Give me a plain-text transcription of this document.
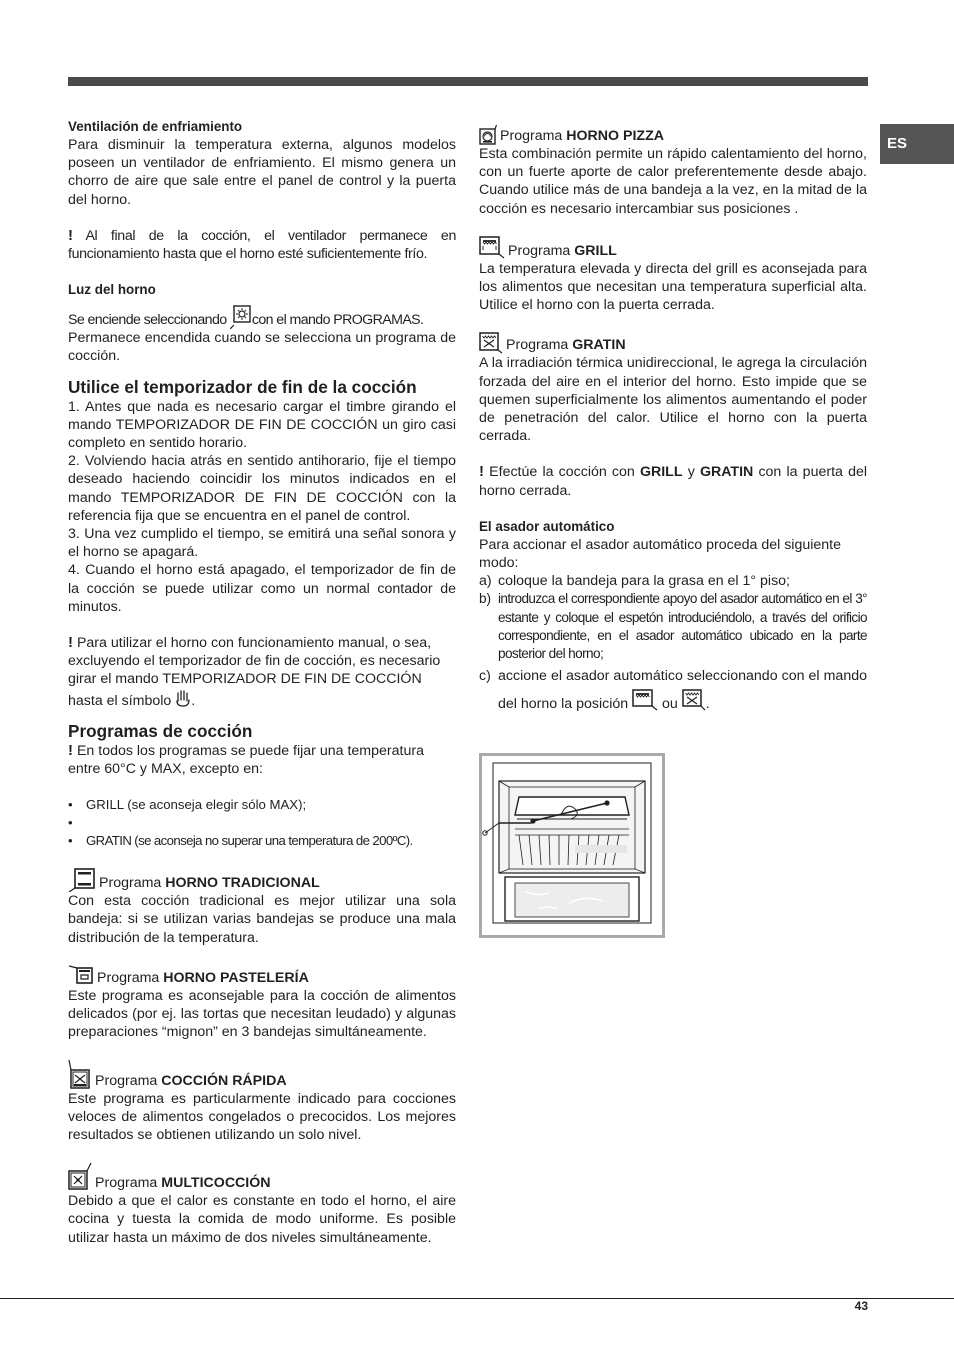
ES

Ventilación de enfriamiento

Para disminuir la temperatura externa, algunos modelos poseen un ventilador de enfriamiento. El mismo genera un chorro de aire que sale entre el panel de control y la puerta del horno.

! Al final de la cocción, el ventilador permanece en funcionamiento hasta que el horno esté suficientemente frío.

Luz del horno

Se enciende seleccionando con el mando PROGRAMAS.

Permanece encendida cuando se selecciona un programa de cocción.

Utilice el temporizador de fin de la cocción

1. Antes que nada es necesario cargar el timbre girando el mando TEMPORIZADOR DE FIN DE COCCIÓN un giro casi completo en sentido horario.

2. Volviendo hacia atrás en sentido antihorario, fije el tiempo deseado haciendo coincidir los minutos indicados en el mando TEMPORIZADOR DE FIN DE COCCIÓN con la referencia fija que se encuentra en el panel de control.

3. Una vez cumplido el tiempo, se emitirá una señal sonora y el horno se apagará.

4. Cuando el horno está apagado, el temporizador de fin de la cocción se puede utilizar como un normal contador de minutos.

! Para utilizar el horno con funcionamiento manual, o sea, excluyendo el temporizador de fin de cocción, es necesario girar el mando TEMPORIZADOR DE FIN DE COCCIÓN hasta el símbolo .

Programas de cocción

! En todos los programas se puede fijar una temperatura entre 60°C y MAX, excepto en:

• GRILL (se aconseja elegir sólo MAX);
•
• GRATIN (se aconseja no superar una temperatura de 200ºC).
Programa HORNO TRADICIONAL

Con esta cocción tradicional es mejor utilizar una sola bandeja: si se utilizan varias bandejas se produce una mala distribución de la temperatura.

Programa HORNO PASTELERÍA

Este programa es aconsejable para la cocción de alimentos delicados (por ej. las tortas que necesitan leudado) y algunas preparaciones “mignon” en 3 bandejas simultáneamente.

Programa COCCIÓN RÁPIDA

Este programa es particularmente indicado para cocciones veloces de alimentos congelados o precocidos. Los mejores resultados se obtienen utilizando un solo nivel.

Programa MULTICOCCIÓN

Debido a que el calor es constante en todo el horno, el aire cocina y tuesta la comida de modo uniforme. Es posible utilizar hasta un máximo de dos niveles simultáneamente.

Programa HORNO PIZZA

Esta combinación permite un rápido calentamiento del horno, con un fuerte aporte de calor preferentemente desde abajo. Cuando utilice más de una bandeja a la vez, en la mitad de la cocción es necesario intercambiar sus posiciones .

Programa GRILL

La temperatura elevada y directa del grill es aconsejada para los alimentos que necesitan una temperatura superficial alta. Utilice el horno con la puerta cerrada.

Programa GRATIN

A la irradiación térmica unidireccional, le agrega la circulación forzada del aire en el interior del horno. Esto impide que se quemen superficialmente los alimentos aumentando el poder de penetración del calor. Utilice el horno con la puerta cerrada.

! Efectúe la cocción con GRILL y GRATIN con la puerta del horno cerrada.

El asador automático

Para accionar el asador automático proceda del siguiente modo:

a) coloque la bandeja para la grasa en el 1° piso;
b) introduzca el correspondiente apoyo del asador automático en el 3° estante y coloque el espetón introduciéndolo, a través del orificio correspondiente, en el asador automático ubicado en la parte posterior del horno;
c) accione el asador automático seleccionando con el mando del horno la posición ou .
43
